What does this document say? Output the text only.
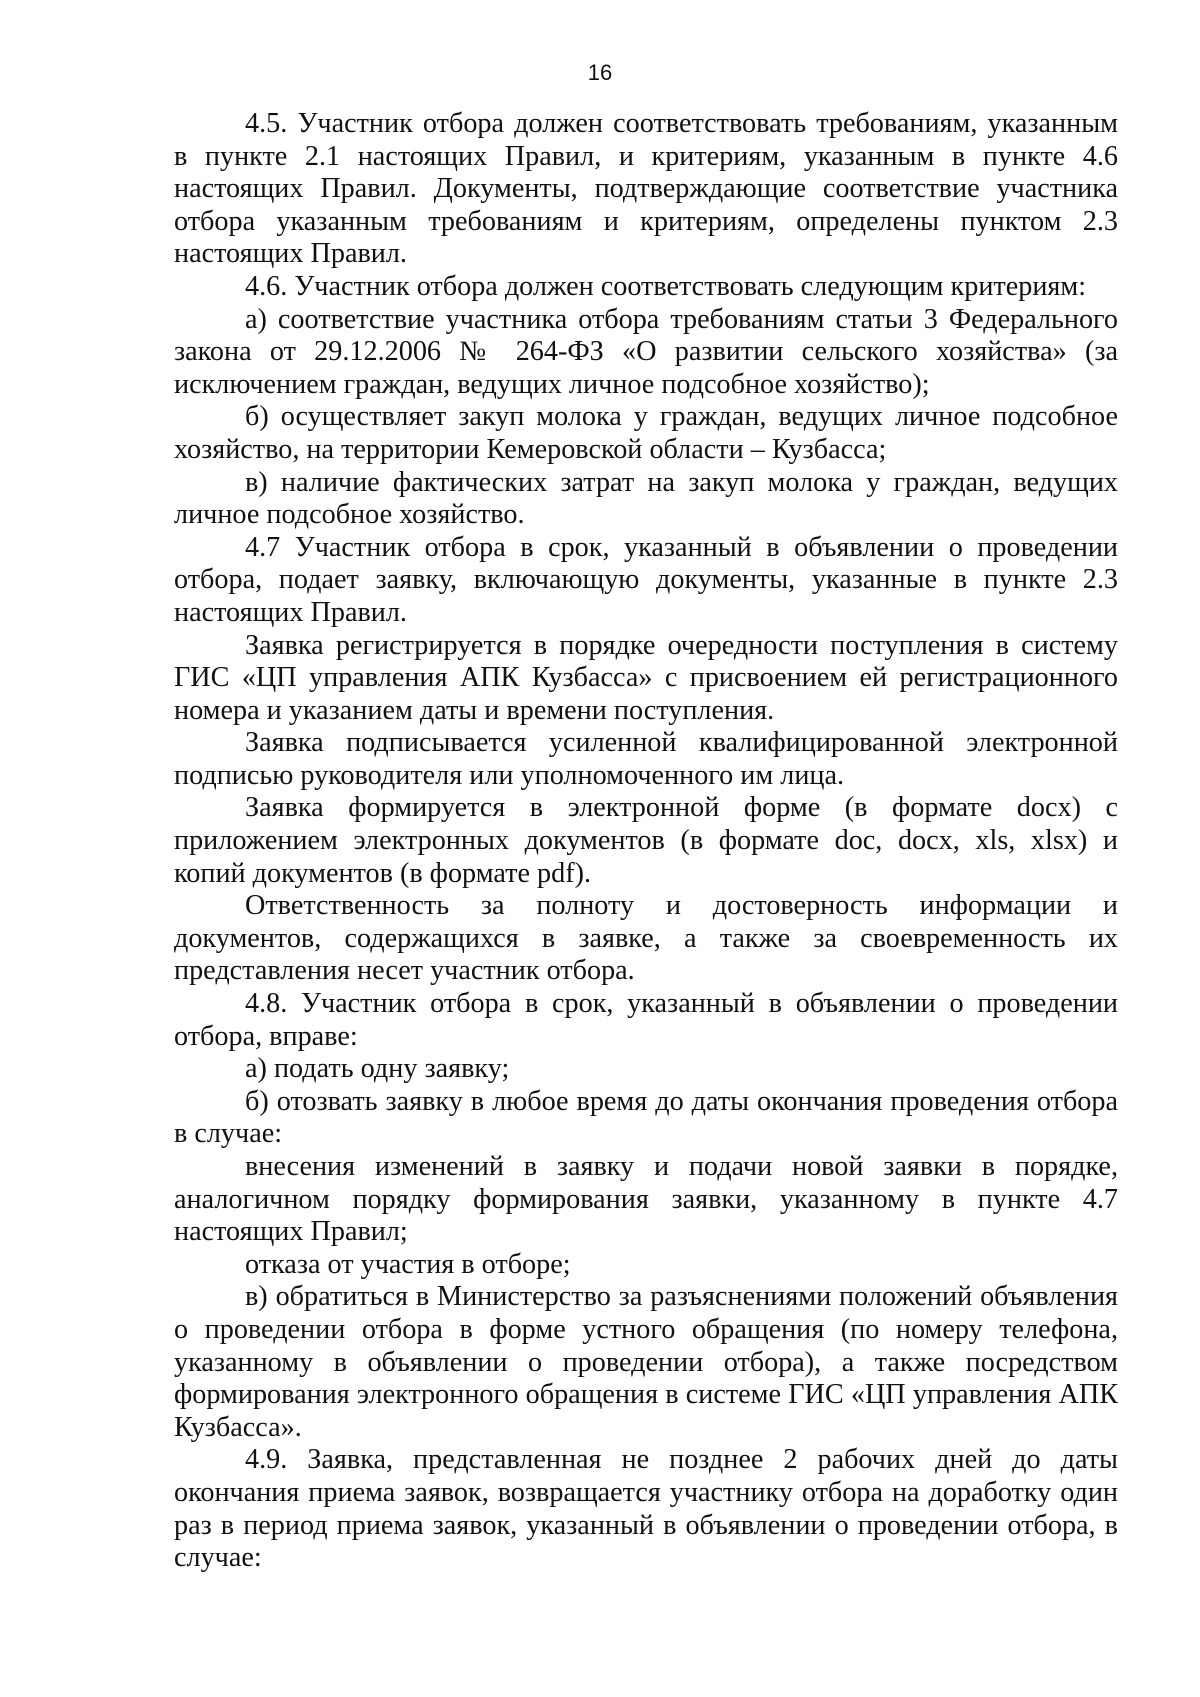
16

4.5. Участник отбора должен соответствовать требованиям, указанным в пункте 2.1 настоящих Правил, и критериям, указанным в пункте 4.6 настоящих Правил. Документы, подтверждающие соответствие участника отбора указанным требованиям и критериям, определены пунктом 2.3 настоящих Правил.

4.6. Участник отбора должен соответствовать следующим критериям:

а) соответствие участника отбора требованиям статьи 3 Федерального закона от 29.12.2006 № 264-ФЗ «О развитии сельского хозяйства» (за исключением граждан, ведущих личное подсобное хозяйство);

б) осуществляет закуп молока у граждан, ведущих личное подсобное хозяйство, на территории Кемеровской области – Кузбасса;

в) наличие фактических затрат на закуп молока у граждан, ведущих личное подсобное хозяйство.

4.7 Участник отбора в срок, указанный в объявлении о проведении отбора, подает заявку, включающую документы, указанные в пункте 2.3 настоящих Правил.

Заявка регистрируется в порядке очередности поступления в систему ГИС «ЦП управления АПК Кузбасса» с присвоением ей регистрационного номера и указанием даты и времени поступления.

Заявка подписывается усиленной квалифицированной электронной подписью руководителя или уполномоченного им лица.

Заявка формируется в электронной форме (в формате docx) с приложением электронных документов (в формате doc, docx, xls, xlsx) и копий документов (в формате pdf).

Ответственность за полноту и достоверность информации и документов, содержащихся в заявке, а также за своевременность их представления несет участник отбора.

4.8. Участник отбора в срок, указанный в объявлении о проведении отбора, вправе:

а) подать одну заявку;

б) отозвать заявку в любое время до даты окончания проведения отбора в случае:

внесения изменений в заявку и подачи новой заявки в порядке, аналогичном порядку формирования заявки, указанному в пункте 4.7 настоящих Правил;

отказа от участия в отборе;

в) обратиться в Министерство за разъяснениями положений объявления о проведении отбора в форме устного обращения (по номеру телефона, указанному в объявлении о проведении отбора), а также посредством формирования электронного обращения в системе ГИС «ЦП управления АПК Кузбасса».

4.9. Заявка, представленная не позднее 2 рабочих дней до даты окончания приема заявок, возвращается участнику отбора на доработку один раз в период приема заявок, указанный в объявлении о проведении отбора, в случае:
